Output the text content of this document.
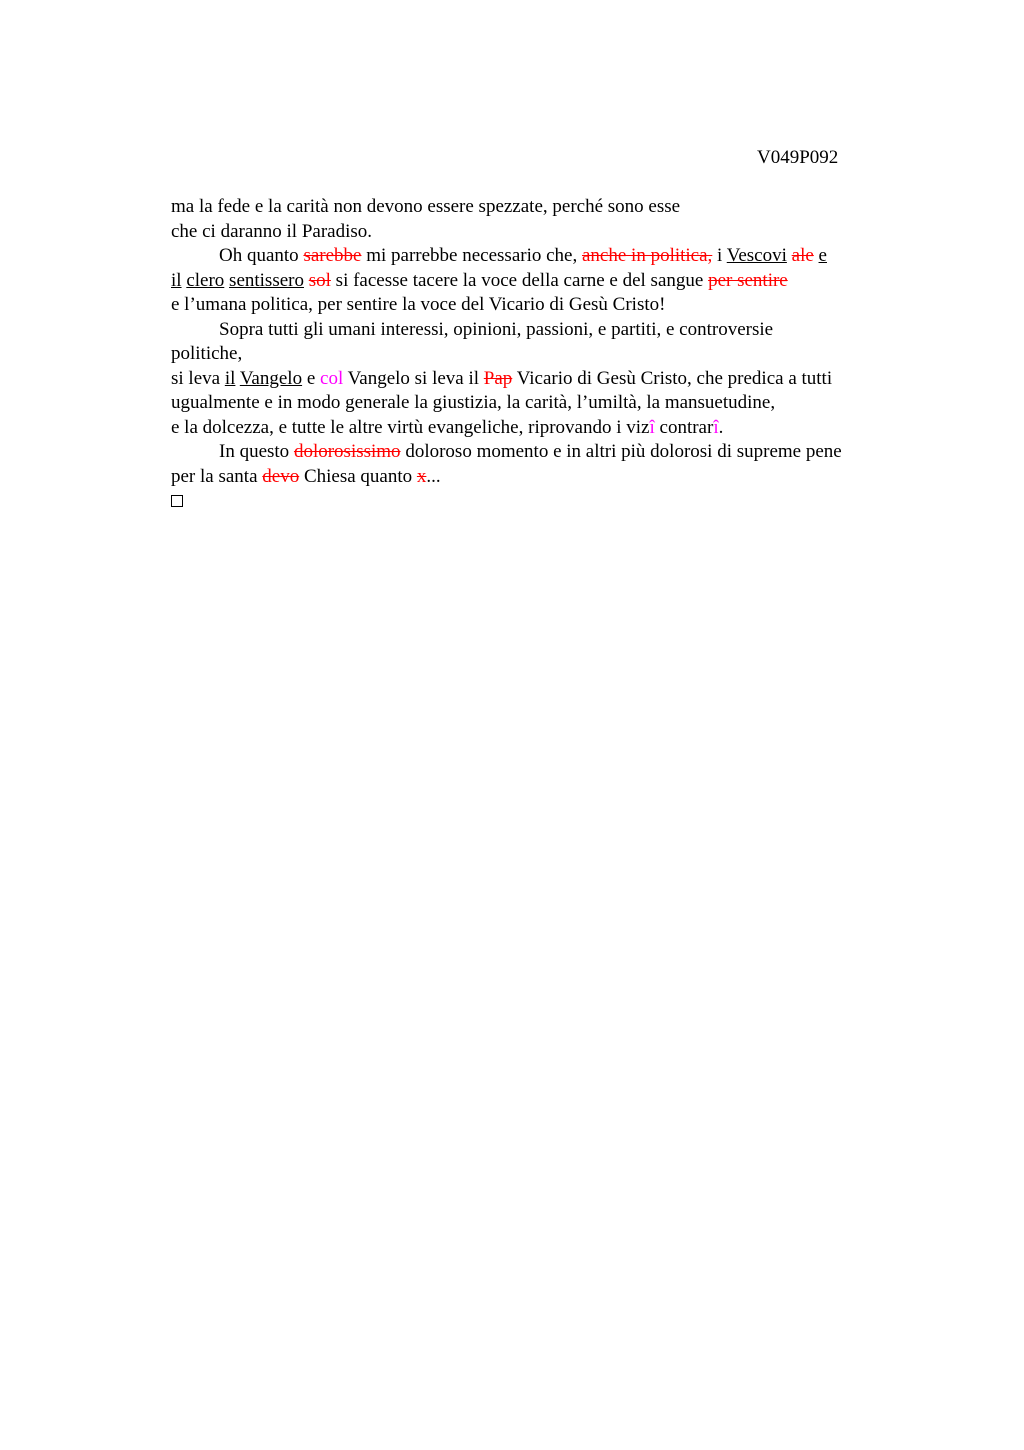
V049P092
ma la fede e la carità non devono essere spezzate, perché sono esse
che ci daranno il Paradiso.
Oh quanto sarebbe mi parrebbe necessario che, anche in politica, i Vescovi ale e
il clero sentissero sol si facesse tacere la voce della carne e del sangue per sentire
e l’umana politica, per sentire la voce del Vicario di Gesù Cristo!
Sopra tutti gli umani interessi, opinioni, passioni, e partiti, e controversie
politiche,
si leva il Vangelo e col Vangelo si leva il Pap Vicario di Gesù Cristo, che predica a tutti
ugualmente e in modo generale la giustizia, la carità, l’umiltà, la mansuetudine,
e la dolcezza, e tutte le altre virtù evangeliche, riprovando i vizî contrarî.
In questo dolorosissimo doloroso momento e in altri più dolorosi di supreme pene
per la santa devo Chiesa quanto x...
